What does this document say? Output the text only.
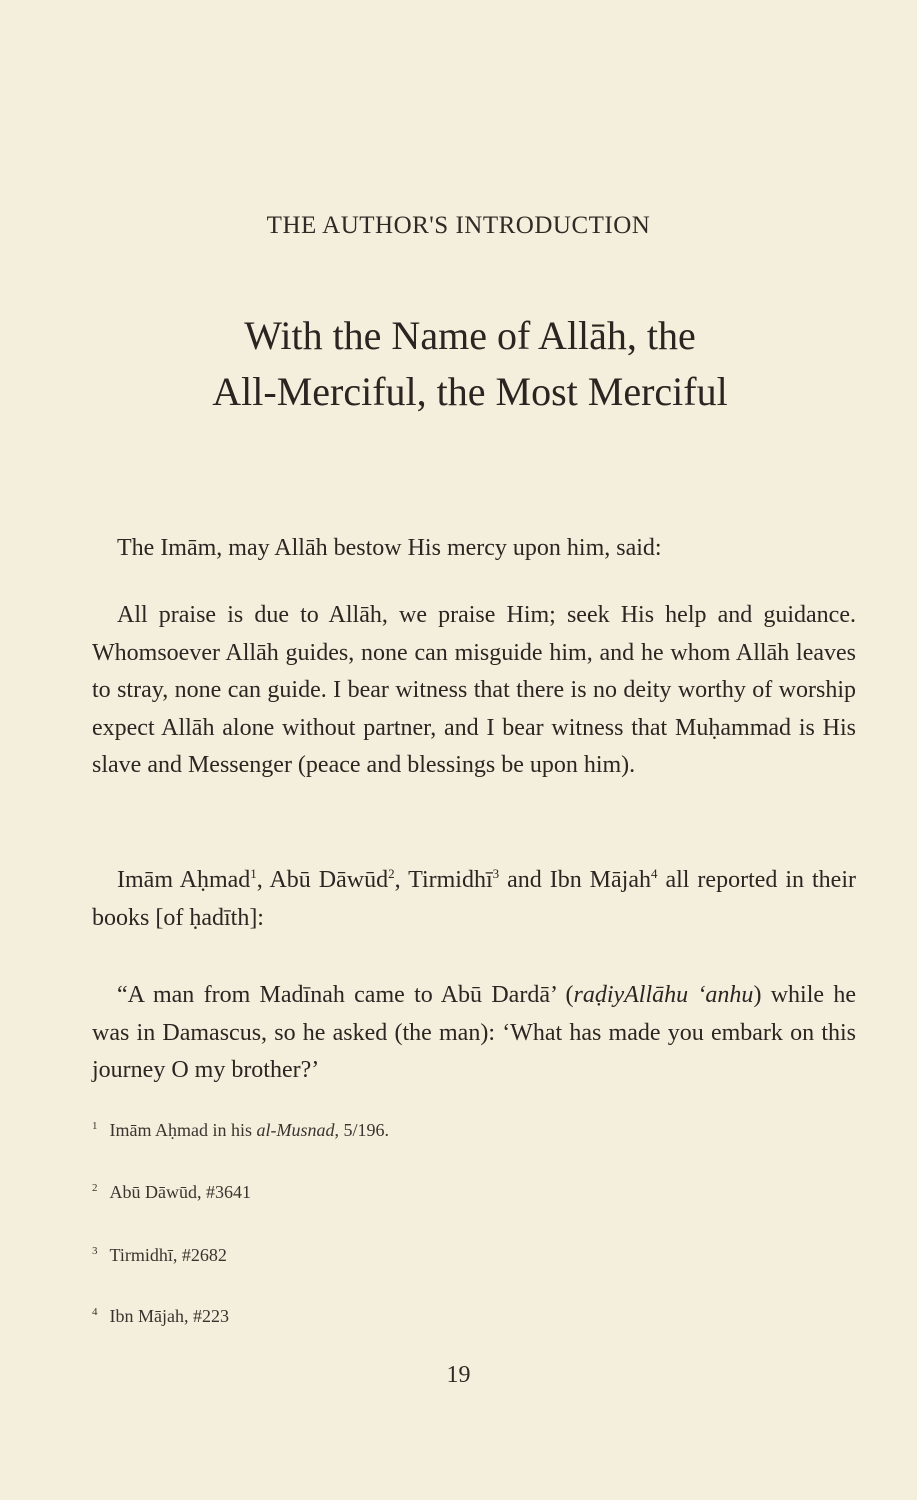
THE AUTHOR'S INTRODUCTION
With the Name of Allāh, the
All-Merciful, the Most Merciful

The Imām, may Allāh bestow His mercy upon him, said:

All praise is due to Allāh, we praise Him; seek His help and guidance. Whomsoever Allāh guides, none can misguide him, and he whom Allāh leaves to stray, none can guide. I bear witness that there is no deity worthy of worship expect Allāh alone without partner, and I bear witness that Muḥammad is His slave and Messenger (peace and blessings be upon him).

Imām Aḥmad$^1$, Abū Dāwūd$^2$, Tirmidhī$^3$ and Ibn Mājah$^4$ all reported in their books [of ḥadīth]:

“A man from Madīnah came to Abū Dardā’ (raḍiyAllāhu ‘anhu) while he was in Damascus, so he asked (the man): ‘What has made you embark on this journey O my brother?’

$^1$ Imām Aḥmad in his al-Musnad, 5/196.
$^2$ Abū Dāwūd, #3641
$^3$ Tirmidhī, #2682
$^4$ Ibn Mājah, #223
19
